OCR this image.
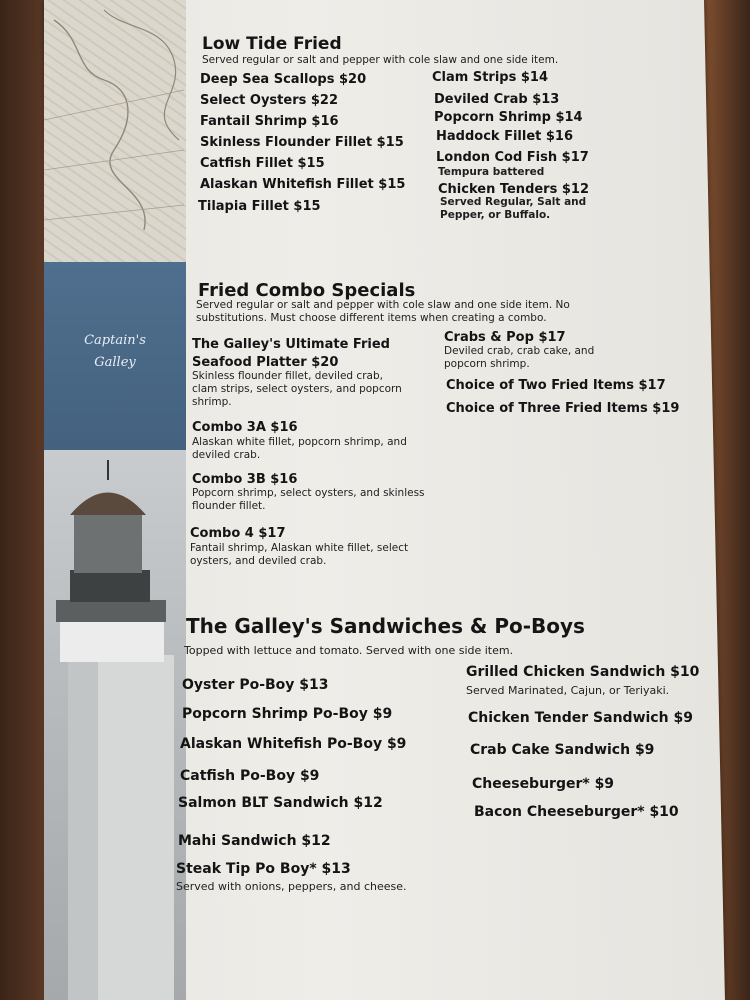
Captain's
Galley
Low Tide Fried
Served regular or salt and pepper with cole slaw and one side item.
Deep Sea Scallops $20
Select Oysters $22
Fantail Shrimp $16
Skinless Flounder Fillet $15
Catfish Fillet $15
Alaskan Whitefish Fillet $15
Tilapia Fillet $15
Clam Strips $14
Deviled Crab $13
Popcorn Shrimp $14
Haddock Fillet $16
London Cod Fish $17
Tempura battered
Chicken Tenders $12
Served Regular, Salt and Pepper, or Buffalo.
Fried Combo Specials
Served regular or salt and pepper with cole slaw and one side item. No substitutions. Must choose different items when creating a combo.
The Galley's Ultimate Fried Seafood Platter $20
Skinless flounder fillet, deviled crab, clam strips, select oysters, and popcorn shrimp.
Combo 3A $16
Alaskan white fillet, popcorn shrimp, and deviled crab.
Combo 3B $16
Popcorn shrimp, select oysters, and skinless flounder fillet.
Combo 4 $17
Fantail shrimp, Alaskan white fillet, select oysters, and deviled crab.
Crabs & Pop $17
Deviled crab, crab cake, and popcorn shrimp.
Choice of Two Fried Items $17
Choice of Three Fried Items $19
The Galley's Sandwiches & Po-Boys
Topped with lettuce and tomato. Served with one side item.
Oyster Po-Boy $13
Popcorn Shrimp Po-Boy $9
Alaskan Whitefish Po-Boy $9
Catfish Po-Boy $9
Salmon BLT Sandwich $12
Mahi Sandwich $12
Steak Tip Po Boy* $13
Served with onions, peppers, and cheese.
Grilled Chicken Sandwich $10
Served Marinated, Cajun, or Teriyaki.
Chicken Tender Sandwich $9
Crab Cake Sandwich $9
Cheeseburger* $9
Bacon Cheeseburger* $10
